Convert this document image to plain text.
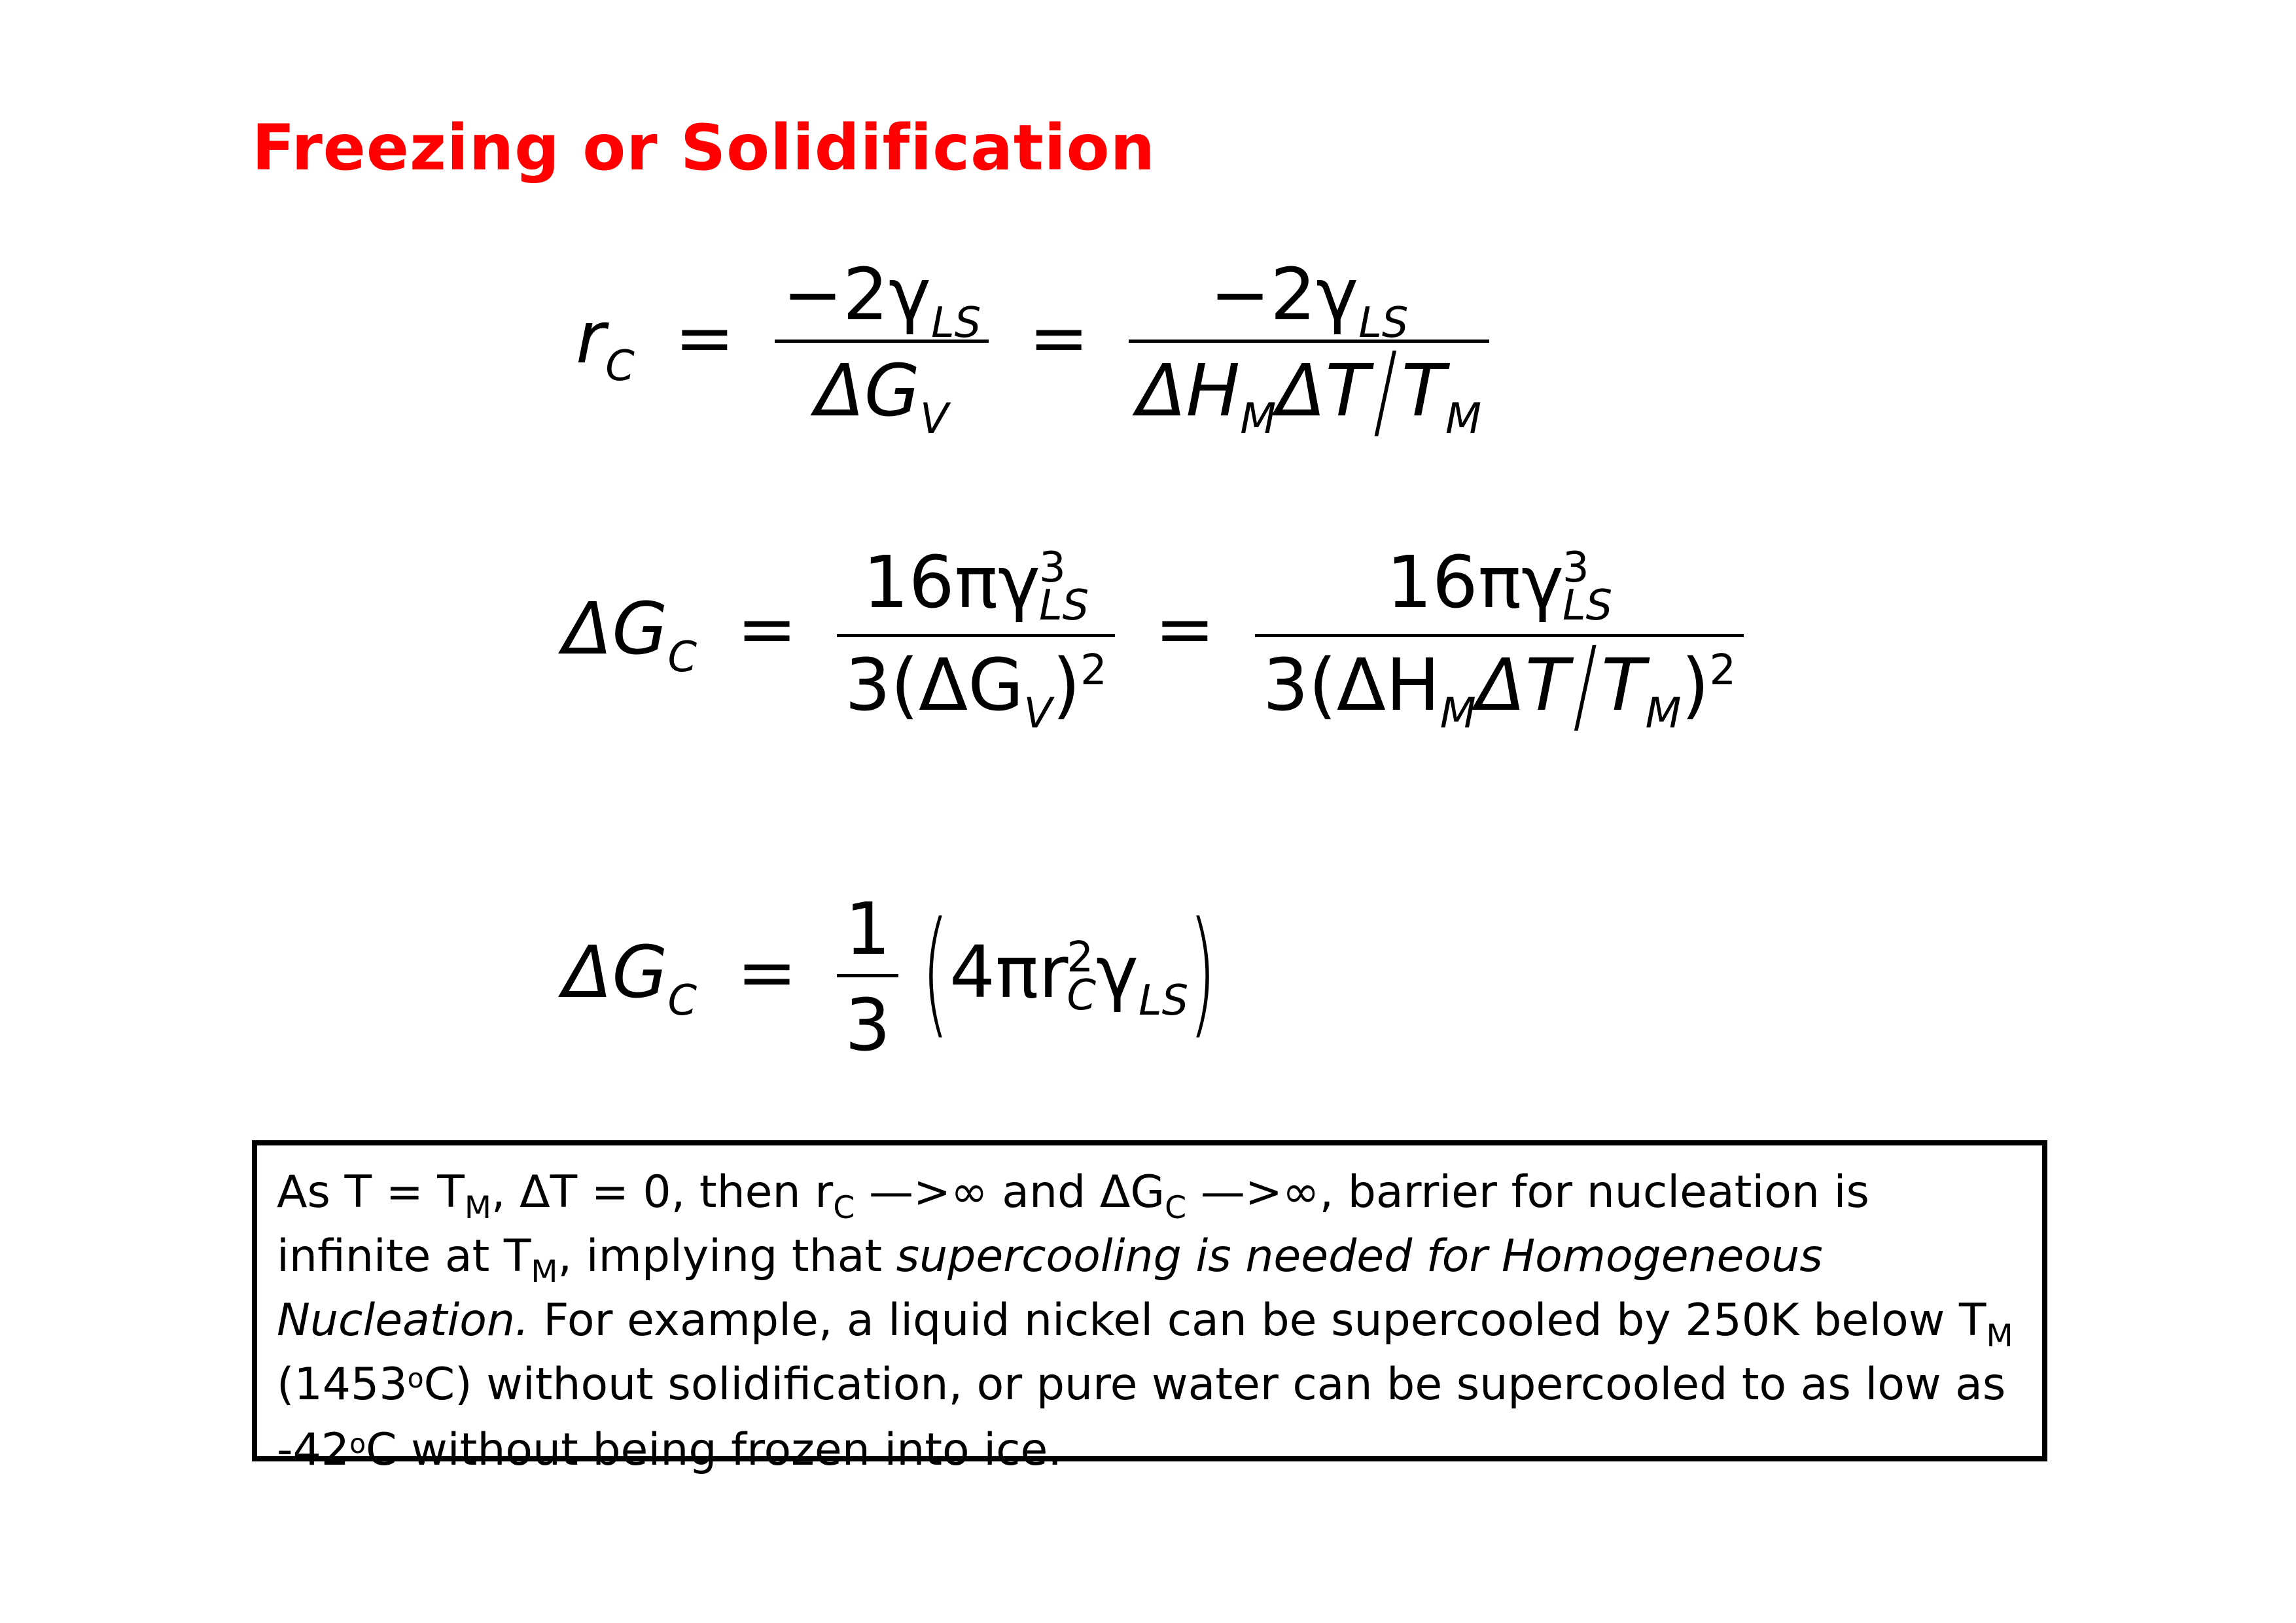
Freezing or Solidification
$r_C$ =
$-2\gamma_{LS}$
$\Delta G_V$
=
$-2\gamma_{LS}$
$\Delta H_M\Delta T/T_M$
$\Delta G_C$ =
16πγ
3
LS
$3(\Delta G_V)^2$ =
16πγ
3
LS
$3(\Delta H_M\Delta T/T_M)^2$
$\Delta G_C$ =
1
3 (4πr
2
C $\gamma_{LS}$)
As $T = T_M$, ΔT = 0, then $r_C$ —>∞ and $\Delta G_C$ —>∞, barrier for nucleation is infinite at $T_M$, implying that supercooling is needed for Homogeneous Nucleation. For example, a liquid nickel can be supercooled by 250K below $T_M$ (1453$^o$C) without solidification, or pure water can be supercooled to as low as -42$^o$C without being frozen into ice.
